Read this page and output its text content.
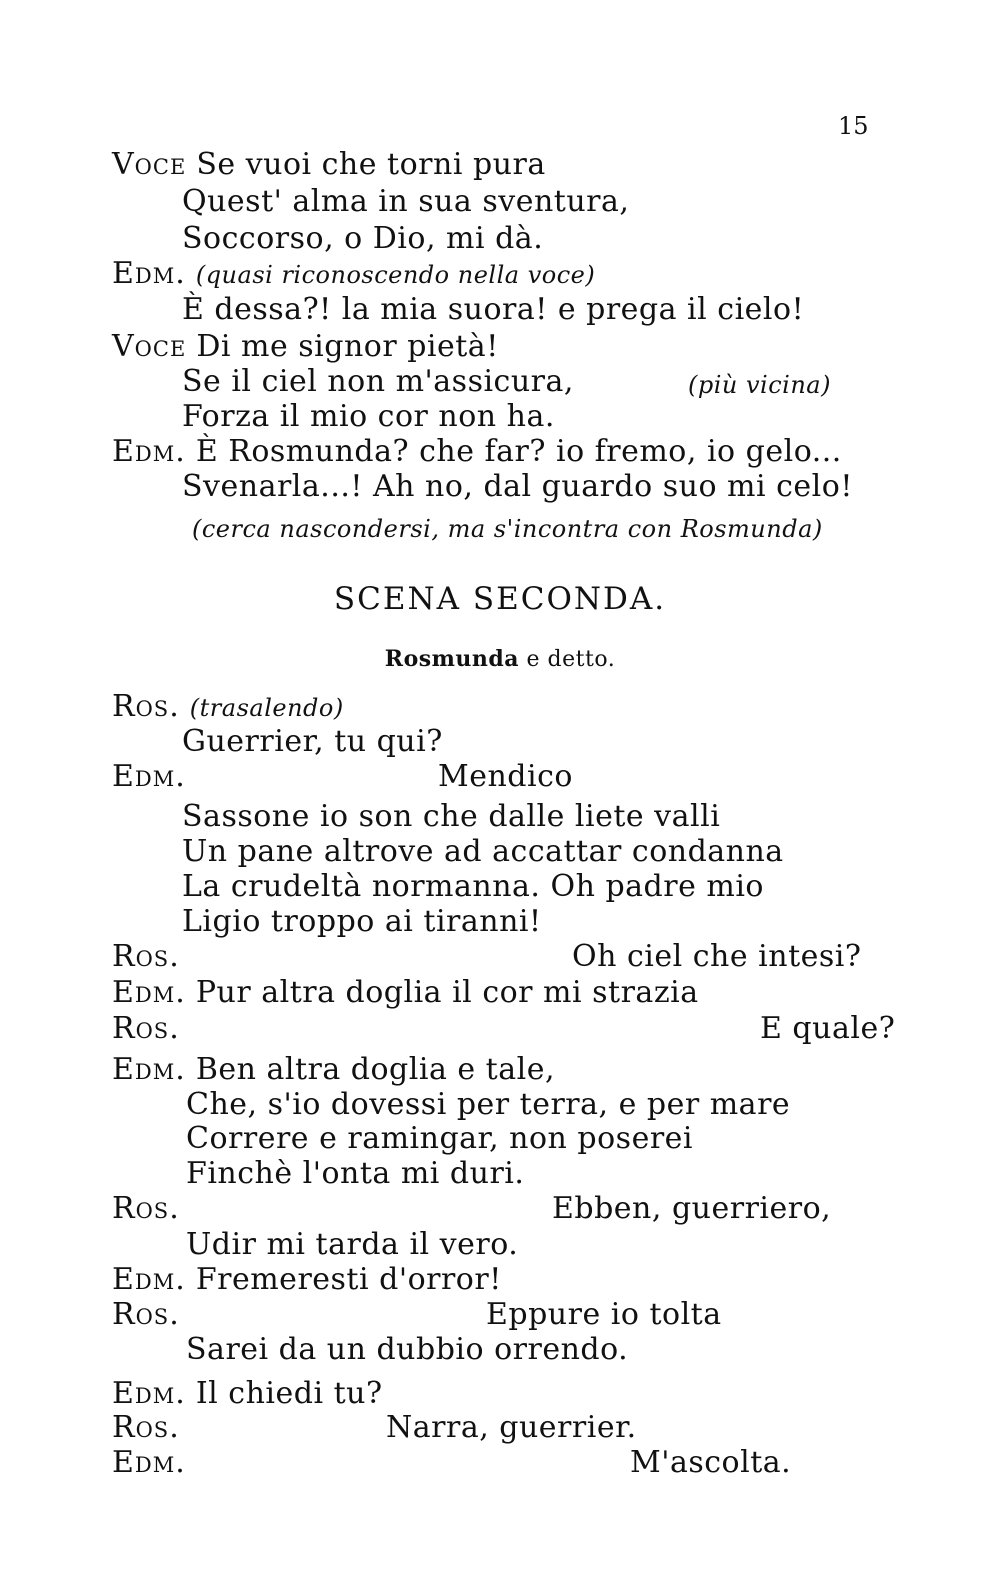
15
Voce Se vuoi che torni pura
Quest' alma in sua sventura,
Soccorso, o Dio, mi dà.
Edm. (quasi riconoscendo nella voce)
È dessa?! la mia suora! e prega il cielo!
Voce Di me signor pietà!
Se il ciel non m'assicura,	(più vicina)
Forza il mio cor non ha.
Edm. È Rosmunda? che far? io fremo, io gelo...
Svenarla...! Ah no, dal guardo suo mi celo!
(cerca nascondersi, ma s'incontra con Rosmunda)
SCENA SECONDA.
Rosmunda e detto.
Ros. (trasalendo)
Guerrier, tu qui?
Edm.	Mendico
Sassone io son che dalle liete valli
Un pane altrove ad accattar condanna
La crudeltà normanna. Oh padre mio
Ligio troppo ai tiranni!
Ros.	Oh ciel che intesi?
Edm. Pur altra doglia il cor mi strazia
Ros.	E quale?
Edm. Ben altra doglia e tale,
Che, s'io dovessi per terra, e per mare
Correre e ramingar, non poserei
Finchè l'onta mi duri.
Ros.	Ebben, guerriero,
Udir mi tarda il vero.
Edm. Fremeresti d'orror!
Ros.	Eppure io tolta
Sarei da un dubbio orrendo.
Edm. Il chiedi tu?
Ros.	Narra, guerrier.
Edm.	M'ascolta.
